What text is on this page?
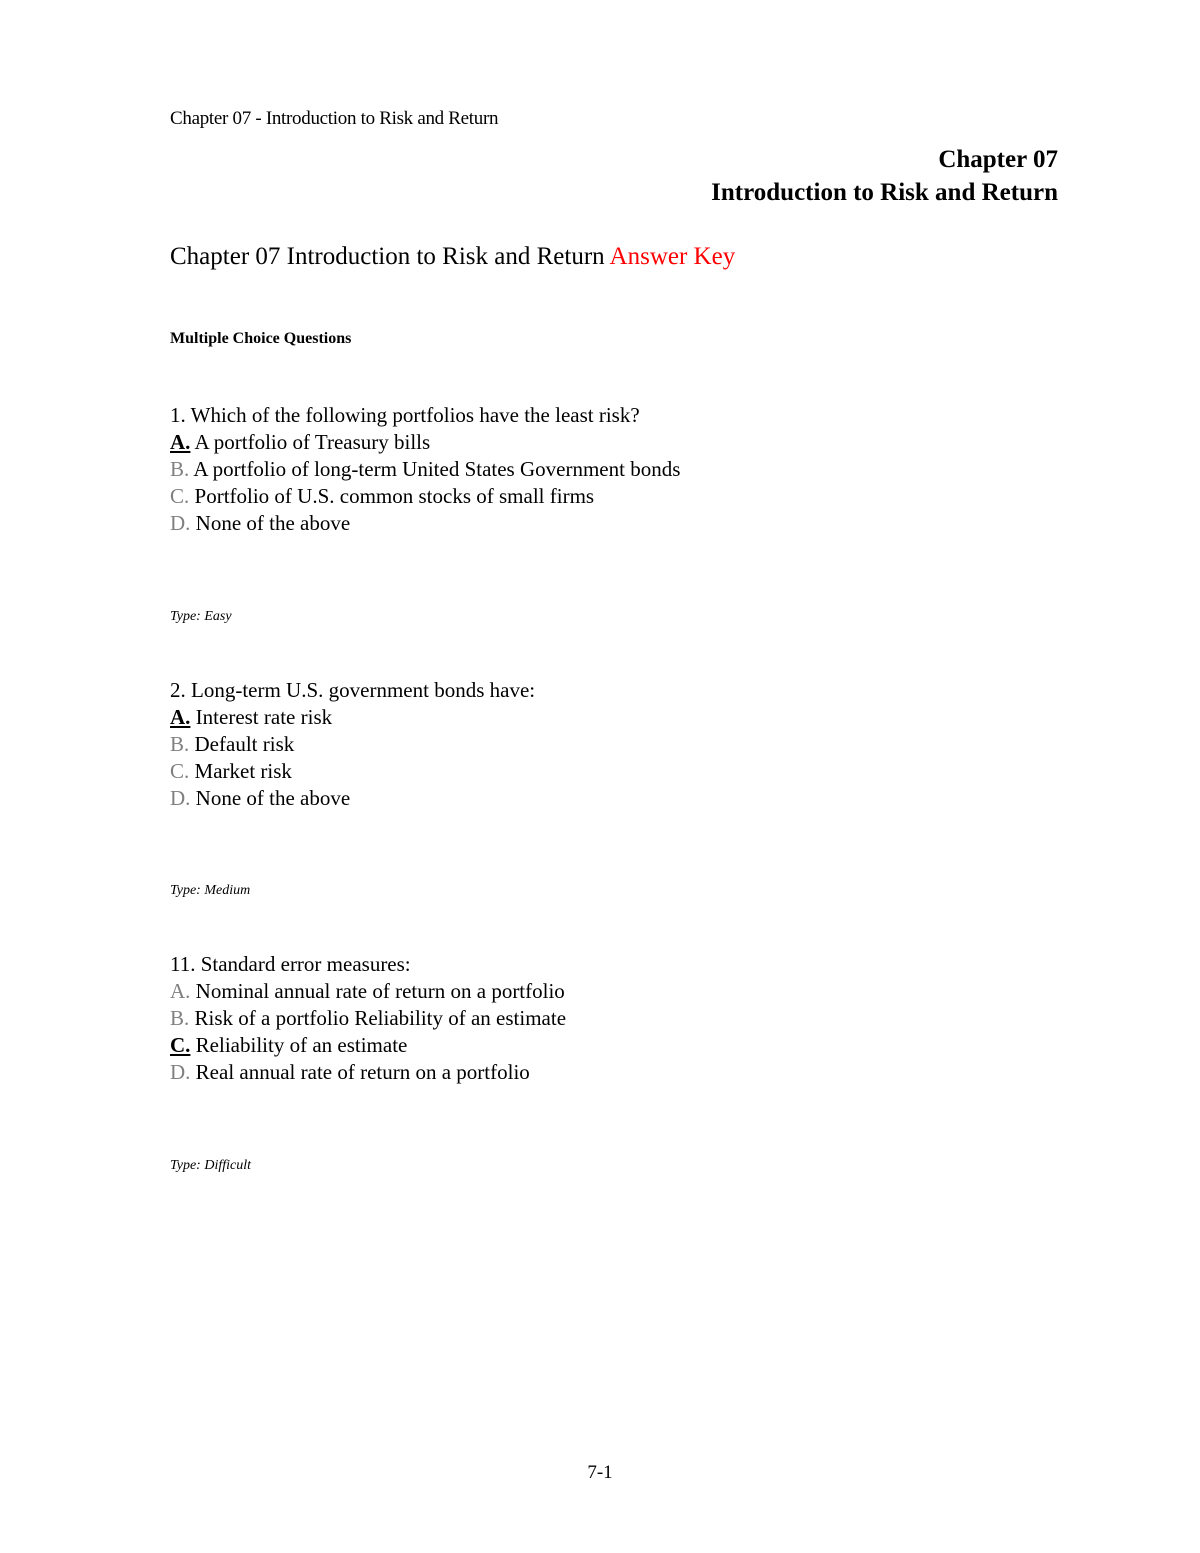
Chapter 07 - Introduction to Risk and Return
Chapter 07
Introduction to Risk and Return
Chapter 07 Introduction to Risk and Return Answer Key
Multiple Choice Questions
1. Which of the following portfolios have the least risk?
A. A portfolio of Treasury bills
B. A portfolio of long-term United States Government bonds
C. Portfolio of U.S. common stocks of small firms
D. None of the above
Type: Easy
2. Long-term U.S. government bonds have:
A. Interest rate risk
B. Default risk
C. Market risk
D. None of the above
Type: Medium
11. Standard error measures:
A. Nominal annual rate of return on a portfolio
B. Risk of a portfolio Reliability of an estimate
C. Reliability of an estimate
D. Real annual rate of return on a portfolio
Type: Difficult
7-1
